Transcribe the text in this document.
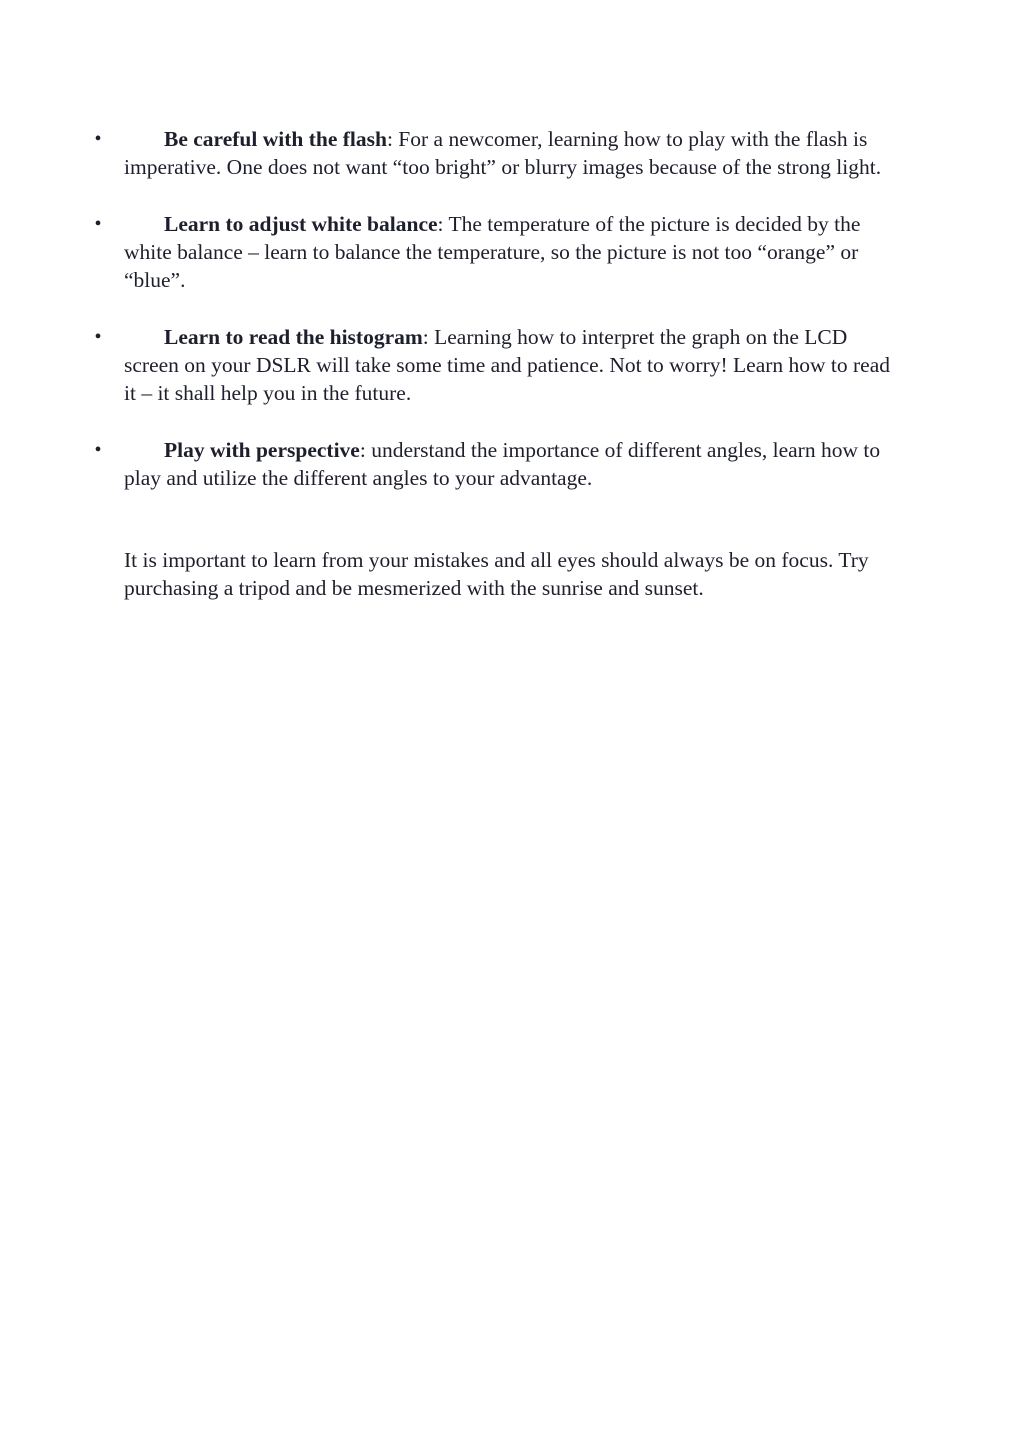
•	Be careful with the flash: For a newcomer, learning how to play with the flash is imperative. One does not want “too bright” or blurry images because of the strong light.
•	Learn to adjust white balance: The temperature of the picture is decided by the white balance – learn to balance the temperature, so the picture is not too “orange” or “blue”.
•	Learn to read the histogram: Learning how to interpret the graph on the LCD screen on your DSLR will take some time and patience. Not to worry! Learn how to read it – it shall help you in the future.
•	Play with perspective: understand the importance of different angles, learn how to play and utilize the different angles to your advantage.

It is important to learn from your mistakes and all eyes should always be on focus. Try purchasing a tripod and be mesmerized with the sunrise and sunset.
